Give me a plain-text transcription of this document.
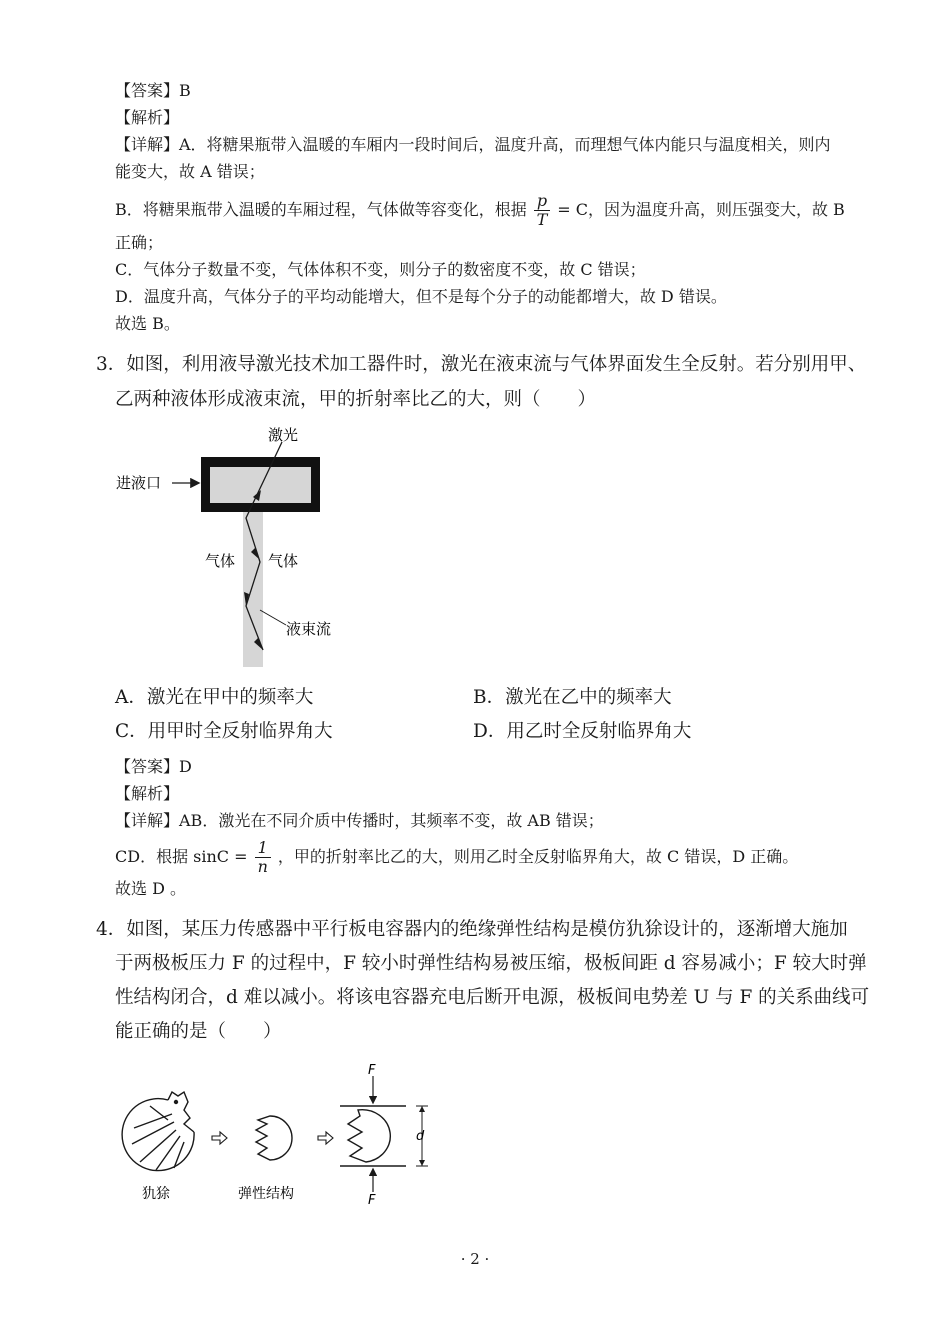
【答案】B
【解析】
【详解】A．将糖果瓶带入温暖的车厢内一段时间后，温度升高，而理想气体内能只与温度相关，则内
能变大，故 A 错误；
B．将糖果瓶带入温暖的车厢过程，气体做等容变化，根据 $\frac{p}{T} = C$，因为温度升高，则压强变大，故 B
正确；
C．气体分子数量不变，气体体积不变，则分子的数密度不变，故 C 错误；
D．温度升高，气体分子的平均动能增大，但不是每个分子的动能都增大，故 D 错误。
故选 B。
3．如图，利用液导激光技术加工器件时，激光在液束流与气体界面发生全反射。若分别用甲、
乙两种液体形成液束流，甲的折射率比乙的大，则（　　）
激光
进液口
气体 气体
液束流
A．激光在甲中的频率大	B．激光在乙中的频率大
C．用甲时全反射临界角大	D．用乙时全反射临界角大
【答案】D
【解析】
【详解】AB．激光在不同介质中传播时，其频率不变，故 AB 错误；
CD．根据 $\sin C = \frac{1}{n}$ ，甲的折射率比乙的大，则用乙时全反射临界角大，故 C 错误，D 正确。
故选 D 。
4．如图，某压力传感器中平行板电容器内的绝缘弹性结构是模仿犰狳设计的，逐渐增大施加
于两极板压力 F 的过程中，F 较小时弹性结构易被压缩，极板间距 d 容易减小；F 较大时弹
性结构闭合，d 难以减小。将该电容器充电后断开电源，极板间电势差 U 与 F 的关系曲线可
能正确的是（　　）
犰狳	弹性结构
F
F
d
· 2 ·
